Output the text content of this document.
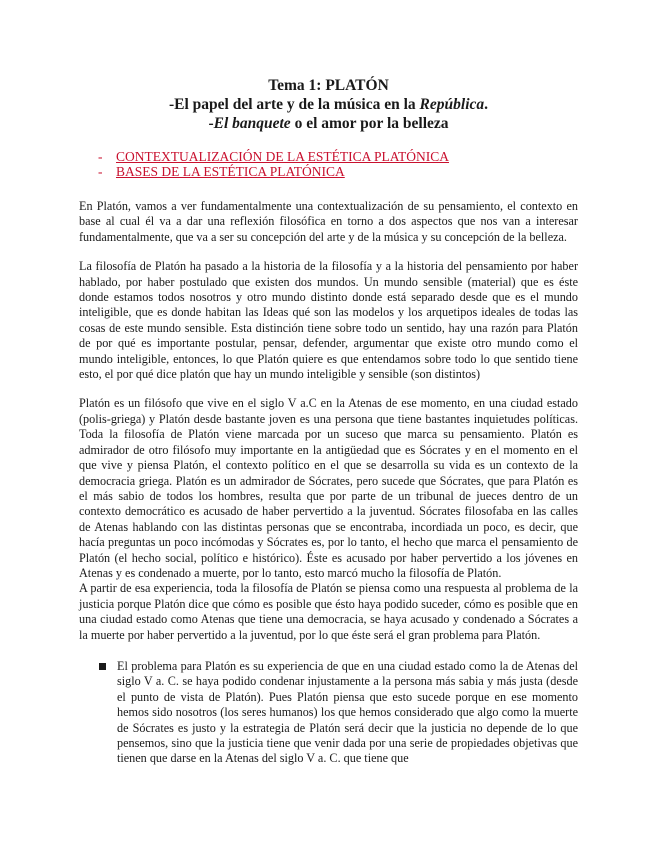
Tema 1: PLATÓN
-El papel del arte y de la música en la República.
-El banquete o el amor por la belleza
- CONTEXTUALIZACIÓN DE LA ESTÉTICA PLATÓNICA
- BASES DE LA ESTÉTICA PLATÓNICA

En Platón, vamos a ver fundamentalmente una contextualización de su pensamiento, el contexto en base al cual él va a dar una reflexión filosófica en torno a dos aspectos que nos van a interesar fundamentalmente, que va a ser su concepción del arte y de la música y su concepción de la belleza.

La filosofía de Platón ha pasado a la historia de la filosofía y a la historia del pensamiento por haber hablado, por haber postulado que existen dos mundos. Un mundo sensible (material) que es éste donde estamos todos nosotros y otro mundo distinto donde está separado desde que es el mundo inteligible, que es donde habitan las Ideas qué son las modelos y los arquetipos ideales de todas las cosas de este mundo sensible. Esta distinción tiene sobre todo un sentido, hay una razón para Platón de por qué es importante postular, pensar, defender, argumentar que existe otro mundo como el mundo inteligible, entonces, lo que Platón quiere es que entendamos sobre todo lo que sentido tiene esto, el por qué dice platón que hay un mundo inteligible y sensible (son distintos)

Platón es un filósofo que vive en el siglo V a.C en la Atenas de ese momento, en una ciudad estado (polis-griega) y Platón desde bastante joven es una persona que tiene bastantes inquietudes políticas. Toda la filosofía de Platón viene marcada por un suceso que marca su pensamiento. Platón es admirador de otro filósofo muy importante en la antigüedad que es Sócrates y en el momento en el que vive y piensa Platón, el contexto político en el que se desarrolla su vida es un contexto de la democracia griega. Platón es un admirador de Sócrates, pero sucede que Sócrates, que para Platón es el más sabio de todos los hombres, resulta que por parte de un tribunal de jueces dentro de un contexto democrático es acusado de haber pervertido a la juventud. Sócrates filosofaba en las calles de Atenas hablando con las distintas personas que se encontraba, incordiada un poco, es decir, que hacía preguntas un poco incómodas y Sócrates es, por lo tanto, el hecho que marca el pensamiento de Platón (el hecho social, político e histórico). Éste es acusado por haber pervertido a los jóvenes en Atenas y es condenado a muerte, por lo tanto, esto marcó mucho la filosofía de Platón.

A partir de esa experiencia, toda la filosofía de Platón se piensa como una respuesta al problema de la justicia porque Platón dice que cómo es posible que ésto haya podido suceder, cómo es posible que en una ciudad estado como Atenas que tiene una democracia, se haya acusado y condenado a Sócrates a la muerte por haber pervertido a la juventud, por lo que éste será el gran problema para Platón.

El problema para Platón es su experiencia de que en una ciudad estado como la de Atenas del siglo V a. C. se haya podido condenar injustamente a la persona más sabia y más justa (desde el punto de vista de Platón). Pues Platón piensa que esto sucede porque en ese momento hemos sido nosotros (los seres humanos) los que hemos considerado que algo como la muerte de Sócrates es justo y la estrategia de Platón será decir que la justicia no depende de lo que pensemos, sino que la justicia tiene que venir dada por una serie de propiedades objetivas que tienen que darse en la Atenas del siglo V a. C. que tiene que
